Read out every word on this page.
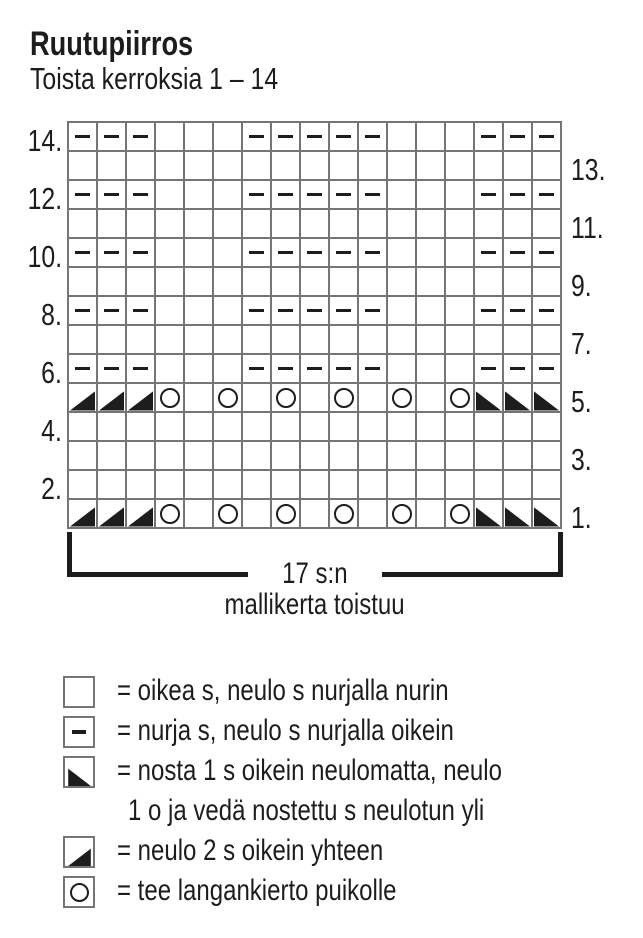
Ruutupiirros
Toista kerroksia 1 – 14
14.
12.
10.
8.
6.
4.
2.
13.
11.
9.
7.
5.
3.
1.
17 s:n
mallikerta toistuu
= oikea s, neulo s nurjalla nurin
= nurja s, neulo s nurjalla oikein
= nosta 1 s oikein neulomatta, neulo
1 o ja vedä nostettu s neulotun yli
= neulo 2 s oikein yhteen
= tee langankierto puikolle
